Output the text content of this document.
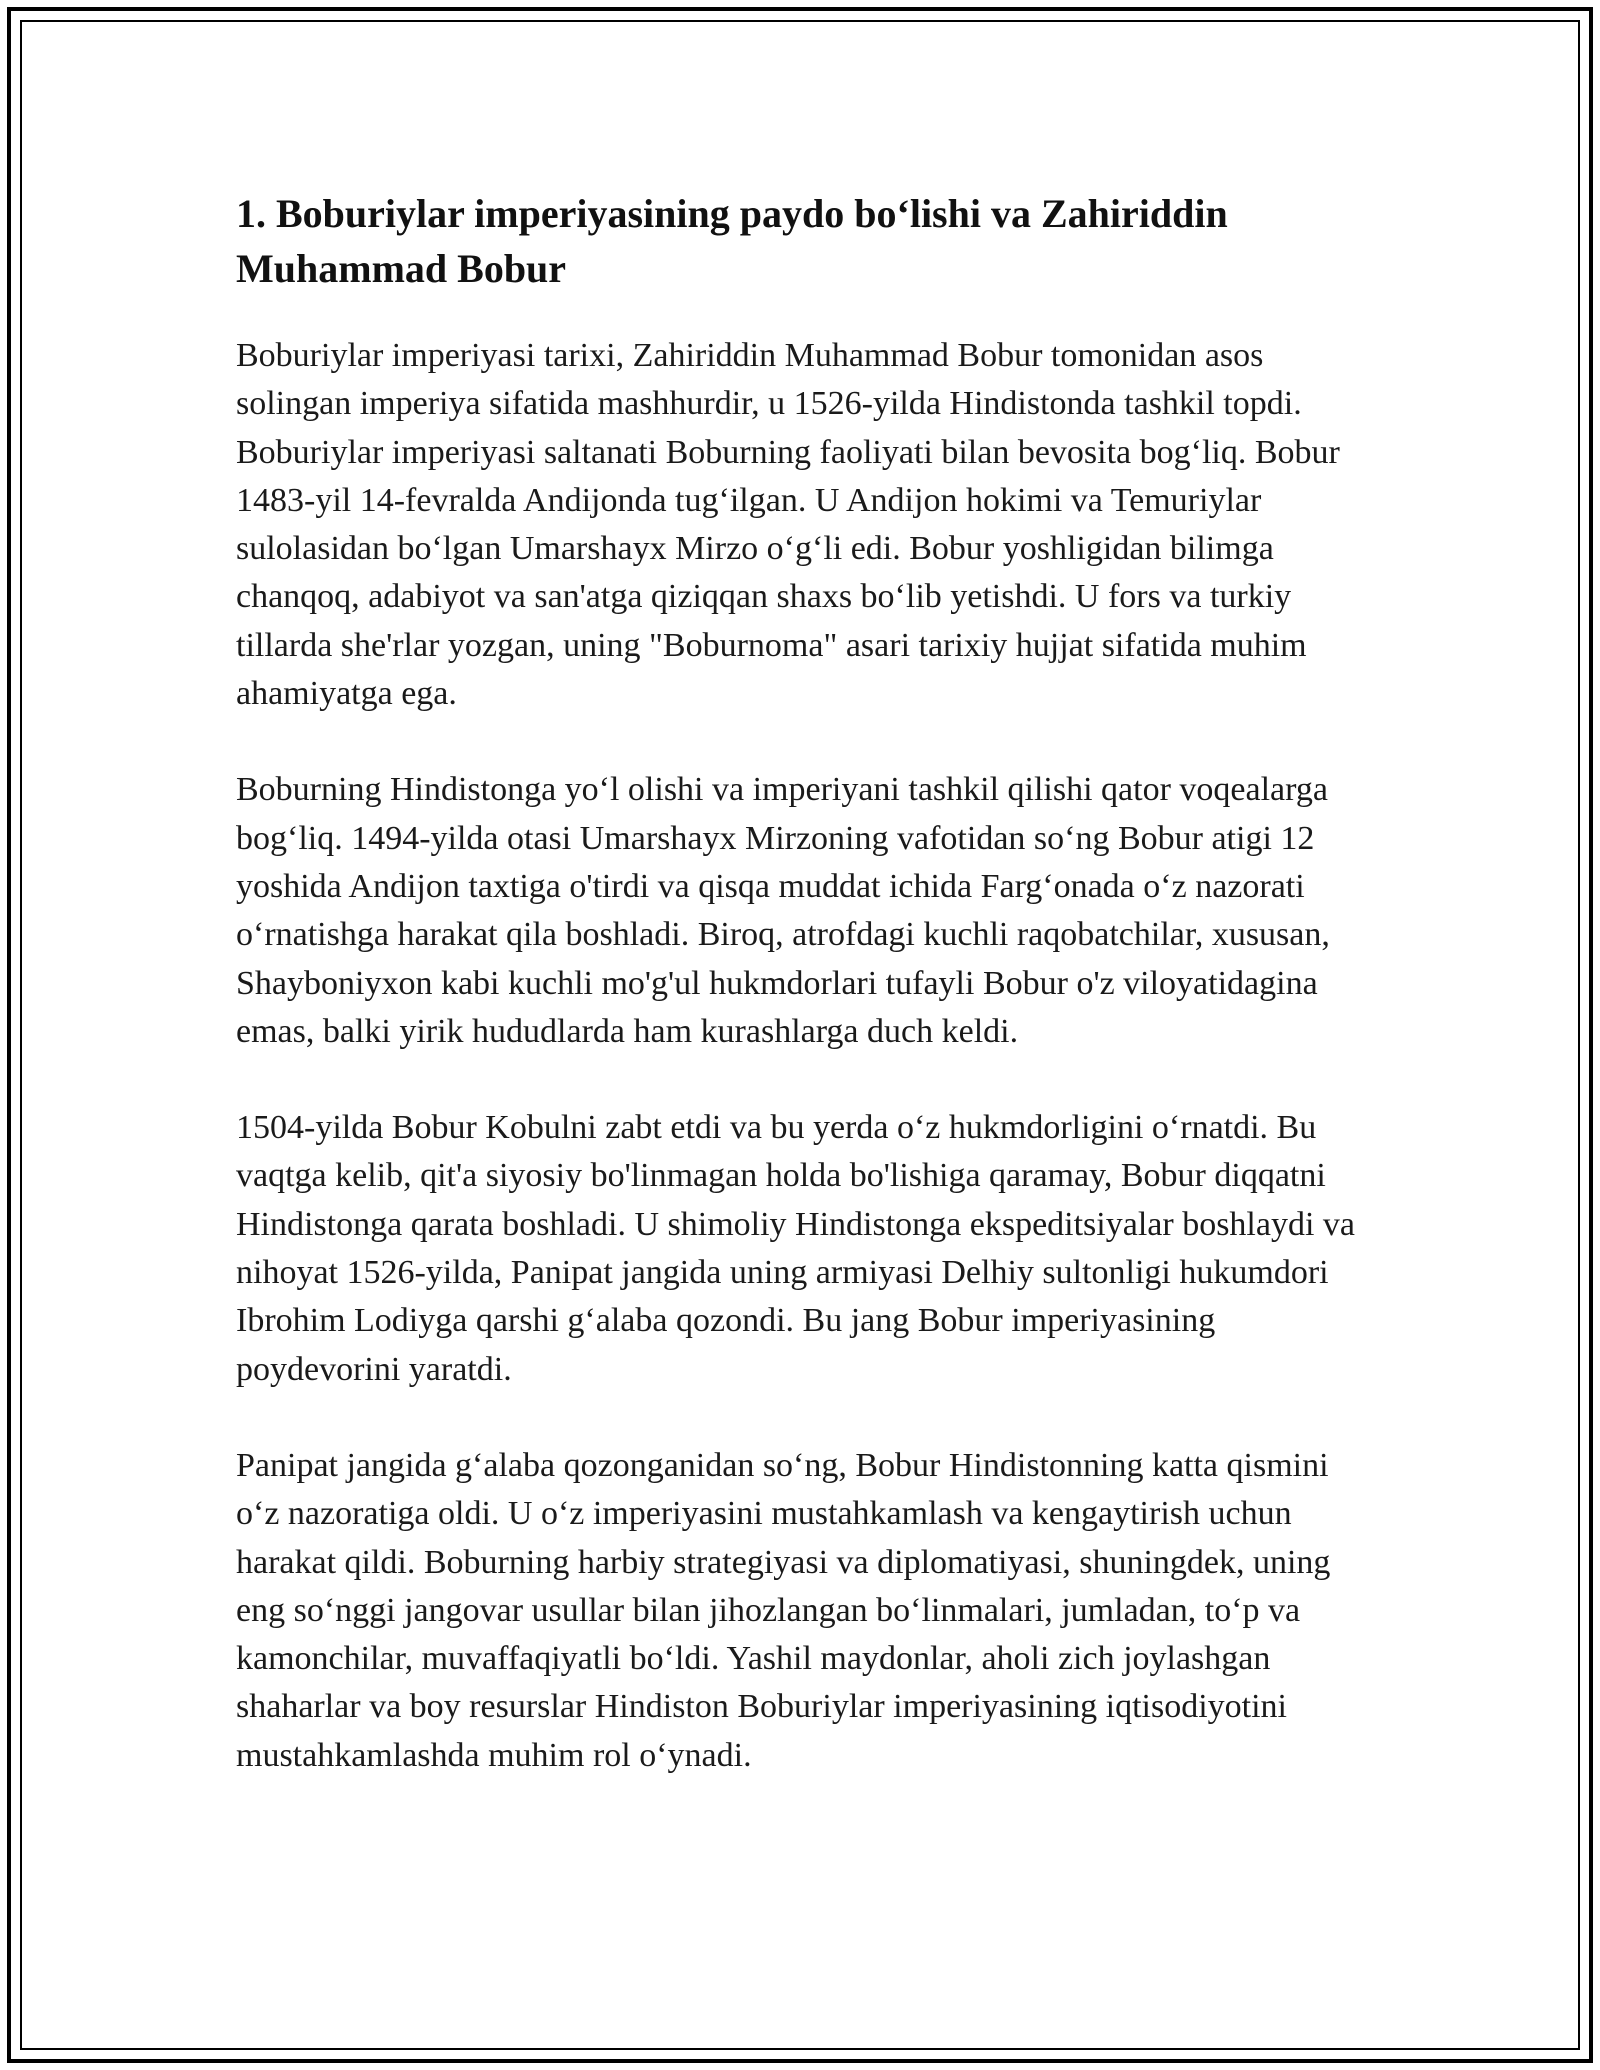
1. Boburiylar imperiyasining paydo bo‘lishi va Zahiriddin Muhammad Bobur

Boburiylar imperiyasi tarixi, Zahiriddin Muhammad Bobur tomonidan asos solingan imperiya sifatida mashhurdir, u 1526-yilda Hindistonda tashkil topdi. Boburiylar imperiyasi saltanati Boburning faoliyati bilan bevosita bog‘liq. Bobur 1483-yil 14-fevralda Andijonda tug‘ilgan. U Andijon hokimi va Temuriylar sulolasidan bo‘lgan Umarshayx Mirzo o‘g‘li edi. Bobur yoshligidan bilimga chanqoq, adabiyot va san'atga qiziqqan shaxs bo‘lib yetishdi. U fors va turkiy tillarda she'rlar yozgan, uning "Boburnoma" asari tarixiy hujjat sifatida muhim ahamiyatga ega.

Boburning Hindistonga yo‘l olishi va imperiyani tashkil qilishi qator voqealarga bog‘liq. 1494-yilda otasi Umarshayx Mirzoning vafotidan so‘ng Bobur atigi 12 yoshida Andijon taxtiga o'tirdi va qisqa muddat ichida Farg‘onada o‘z nazorati o‘rnatishga harakat qila boshladi. Biroq, atrofdagi kuchli raqobatchilar, xususan, Shayboniyxon kabi kuchli mo'g'ul hukmdorlari tufayli Bobur o'z viloyatidagina emas, balki yirik hududlarda ham kurashlarga duch keldi.

1504-yilda Bobur Kobulni zabt etdi va bu yerda o‘z hukmdorligini o‘rnatdi. Bu vaqtga kelib, qit'a siyosiy bo'linmagan holda bo'lishiga qaramay, Bobur diqqatni Hindistonga qarata boshladi. U shimoliy Hindistonga ekspeditsiyalar boshlaydi va nihoyat 1526-yilda, Panipat jangida uning armiyasi Delhiy sultonligi hukumdori Ibrohim Lodiyga qarshi g‘alaba qozondi. Bu jang Bobur imperiyasining poydevorini yaratdi.

Panipat jangida g‘alaba qozonganidan so‘ng, Bobur Hindistonning katta qismini o‘z nazoratiga oldi. U o‘z imperiyasini mustahkamlash va kengaytirish uchun harakat qildi. Boburning harbiy strategiyasi va diplomatiyasi, shuningdek, uning eng so‘nggi jangovar usullar bilan jihozlangan bo‘linmalari, jumladan, to‘p va kamonchilar, muvaffaqiyatli bo‘ldi. Yashil maydonlar, aholi zich joylashgan shaharlar va boy resurslar Hindiston Boburiylar imperiyasining iqtisodiyotini mustahkamlashda muhim rol o‘ynadi.
